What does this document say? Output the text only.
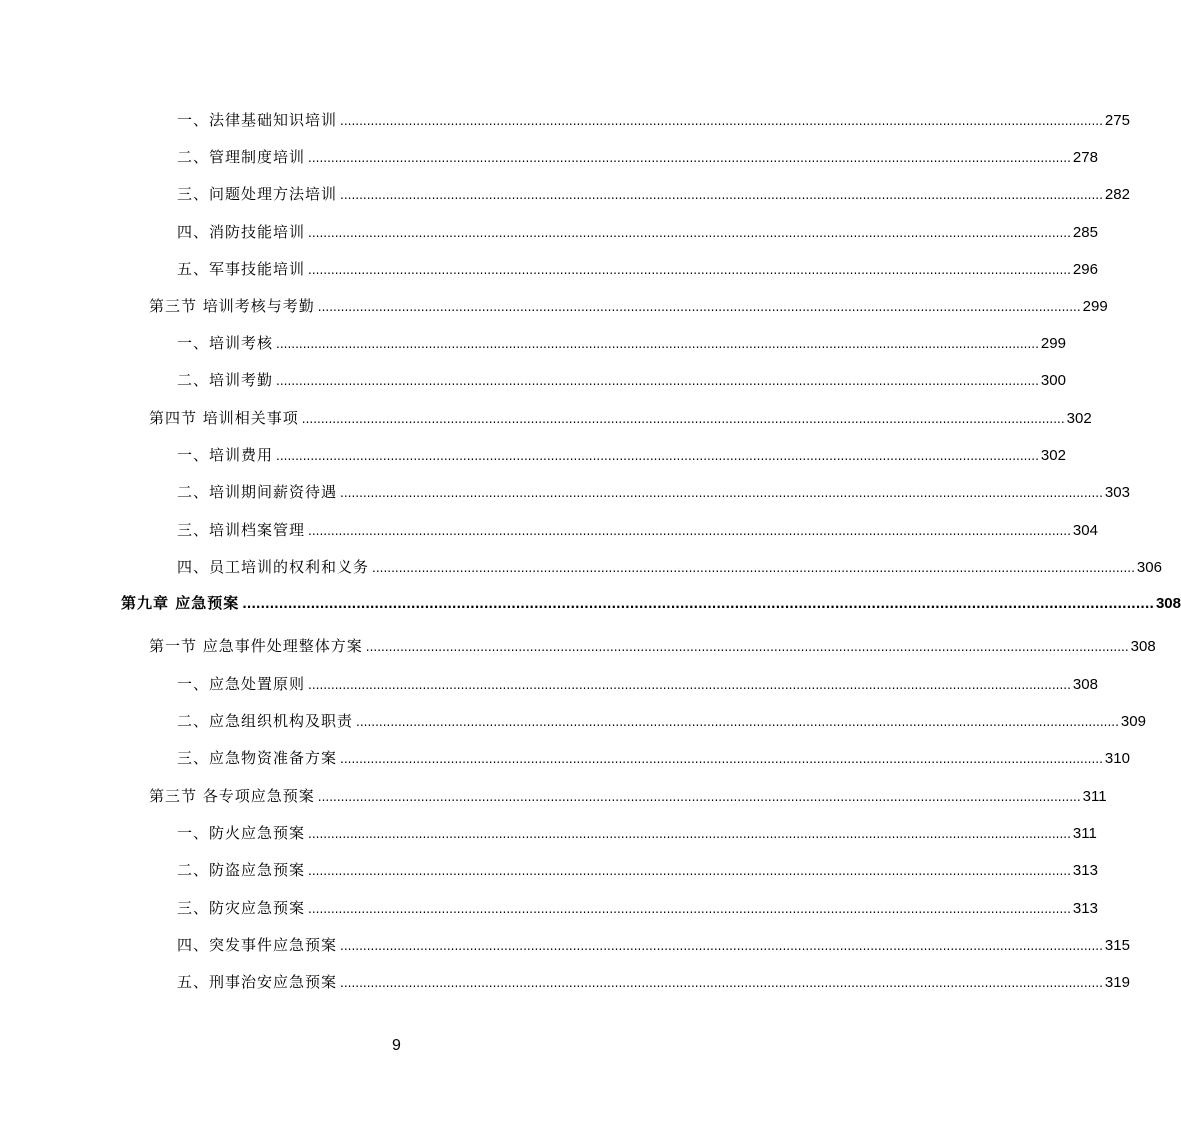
一、法律基础知识培训 ........................................................................................................................................................................................................ 275
二、管理制度培训 ........................................................................................................................................................................................................ 278
三、问题处理方法培训 ........................................................................................................................................................................................................ 282
四、消防技能培训 ........................................................................................................................................................................................................ 285
五、军事技能培训 ........................................................................................................................................................................................................ 296
第三节 培训考核与考勤 ........................................................................................................................................................................................................ 299
一、培训考核 ........................................................................................................................................................................................................ 299
二、培训考勤 ........................................................................................................................................................................................................ 300
第四节 培训相关事项 ........................................................................................................................................................................................................ 302
一、培训费用 ........................................................................................................................................................................................................ 302
二、培训期间薪资待遇 ........................................................................................................................................................................................................ 303
三、培训档案管理 ........................................................................................................................................................................................................ 304
四、员工培训的权利和义务 ........................................................................................................................................................................................................ 306
第九章 应急预案 ........................................................................................................................................................................................................ 308
第一节 应急事件处理整体方案 ........................................................................................................................................................................................................ 308
一、应急处置原则 ........................................................................................................................................................................................................ 308
二、应急组织机构及职责 ........................................................................................................................................................................................................ 309
三、应急物资准备方案 ........................................................................................................................................................................................................ 310
第三节 各专项应急预案 ........................................................................................................................................................................................................ 311
一、防火应急预案 ........................................................................................................................................................................................................ 311
二、防盗应急预案 ........................................................................................................................................................................................................ 313
三、防灾应急预案 ........................................................................................................................................................................................................ 313
四、突发事件应急预案 ........................................................................................................................................................................................................ 315
五、刑事治安应急预案 ........................................................................................................................................................................................................ 319
9
